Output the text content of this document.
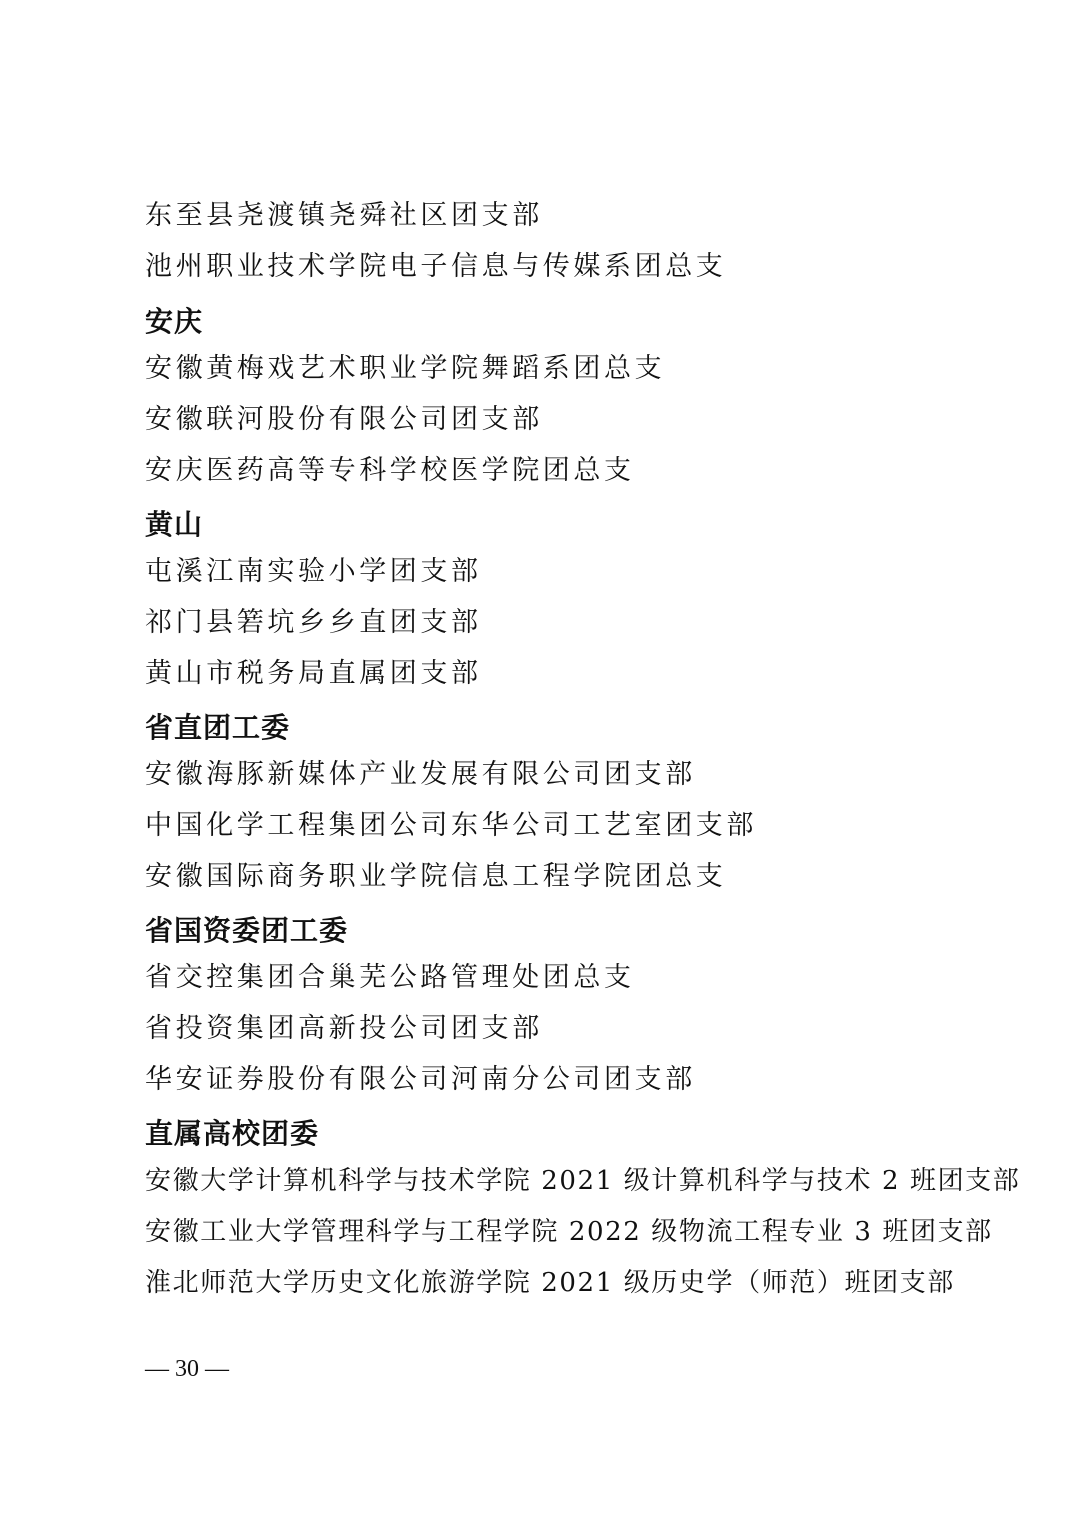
东至县尧渡镇尧舜社区团支部
池州职业技术学院电子信息与传媒系团总支
安庆
安徽黄梅戏艺术职业学院舞蹈系团总支
安徽联河股份有限公司团支部
安庆医药高等专科学校医学院团总支
黄山
屯溪江南实验小学团支部
祁门县箬坑乡乡直团支部
黄山市税务局直属团支部
省直团工委
安徽海豚新媒体产业发展有限公司团支部
中国化学工程集团公司东华公司工艺室团支部
安徽国际商务职业学院信息工程学院团总支
省国资委团工委
省交控集团合巢芜公路管理处团总支
省投资集团高新投公司团支部
华安证券股份有限公司河南分公司团支部
直属高校团委
安徽大学计算机科学与技术学院 2021 级计算机科学与技术 2 班团支部
安徽工业大学管理科学与工程学院 2022 级物流工程专业 3 班团支部
淮北师范大学历史文化旅游学院 2021 级历史学（师范）班团支部
— 30 —
